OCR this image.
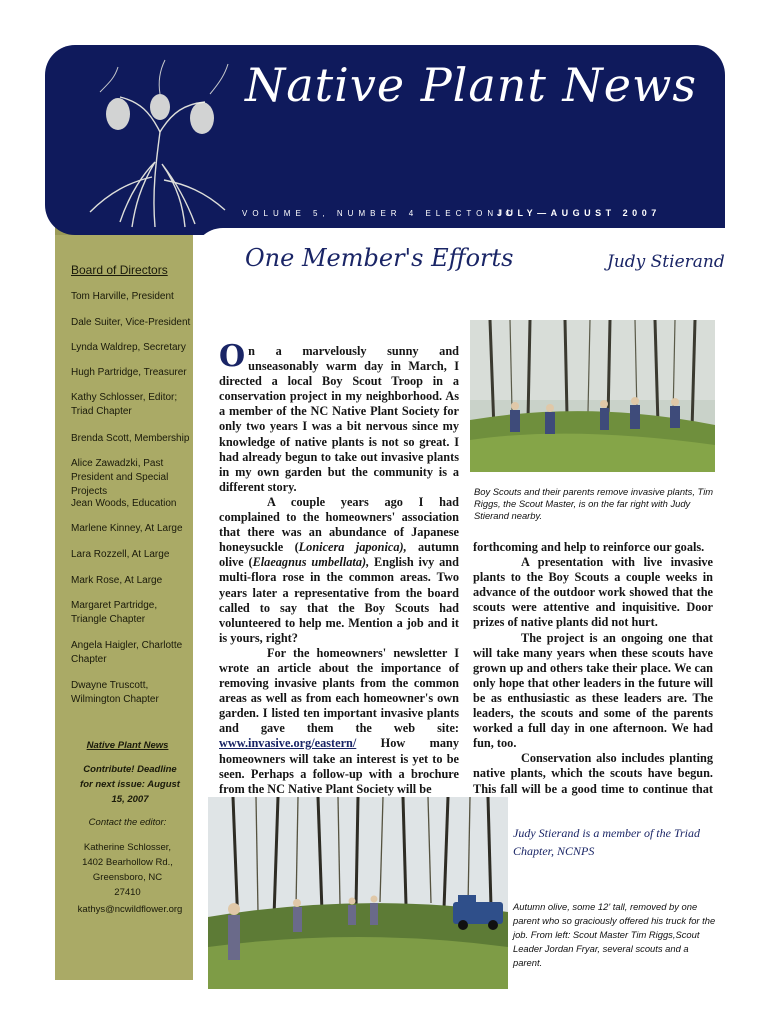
Native Plant News
VOLUME 5, NUMBER 4 ELECTONIC
JULY—AUGUST 2007
Board of Directors
Tom Harville, President
Dale Suiter, Vice-President
Lynda Waldrep, Secretary
Hugh Partridge, Treasurer
Kathy Schlosser, Editor; Triad Chapter
Brenda Scott, Membership
Alice Zawadzki, Past President and Special Projects
Jean Woods, Education
Marlene Kinney, At Large
Lara Rozzell, At Large
Mark Rose, At Large
Margaret Partridge, Triangle Chapter
Angela Haigler, Charlotte Chapter
Dwayne Truscott, Wilmington Chapter
Native Plant News
Contribute! Deadline for next issue: August 15, 2007
Contact the editor:
Katherine Schlosser,
1402 Bearhollow Rd.,
Greensboro, NC
27410
kathys@ncwildflower.org
One Member's Efforts	Judy Stierand

On a marvelously sunny and unseasonably warm day in March, I directed a local Boy Scout Troop in a conservation project in my neighborhood. As a member of the NC Native Plant Society for only two years I was a bit nervous since my knowledge of native plants is not so great. I had already begun to take out invasive plants in my own garden but the community is a different story.

A couple years ago I had complained to the homeowners' association that there was an abundance of Japanese honeysuckle (Lonicera japonica), autumn olive (Elaeagnus umbellata), English ivy and multi-flora rose in the common areas. Two years later a representative from the board called to say that the Boy Scouts had volunteered to help me. Mention a job and it is yours, right?

For the homeowners' newsletter I wrote an article about the importance of removing invasive plants from the common areas as well as from each homeowner's own garden. I listed ten important invasive plants and gave them the web site: www.invasive.org/eastern/ How many homeowners will take an interest is yet to be seen. Perhaps a follow-up with a brochure from the NC Native Plant Society will be

Boy Scouts and their parents remove invasive plants, Tim Riggs, the Scout Master, is on the far right with Judy Stierand nearby.

forthcoming and help to reinforce our goals.

A presentation with live invasive plants to the Boy Scouts a couple weeks in advance of the outdoor work showed that the scouts were attentive and inquisitive. Door prizes of native plants did not hurt.

The project is an ongoing one that will take many years when these scouts have grown up and others take their place. We can only hope that other leaders in the future will be as enthusiastic as these leaders are. The leaders, the scouts and some of the parents worked a full day in one afternoon. We had fun, too.

Conservation also includes planting native plants, which the scouts have begun. This fall will be a good time to continue that

Judy Stierand is a member of the Triad Chapter, NCNPS
Autumn olive, some 12' tall, removed by one parent who so graciously offered his truck for the job. From left: Scout Master Tim Riggs,Scout Leader Jordan Fryar, several scouts and a parent.
